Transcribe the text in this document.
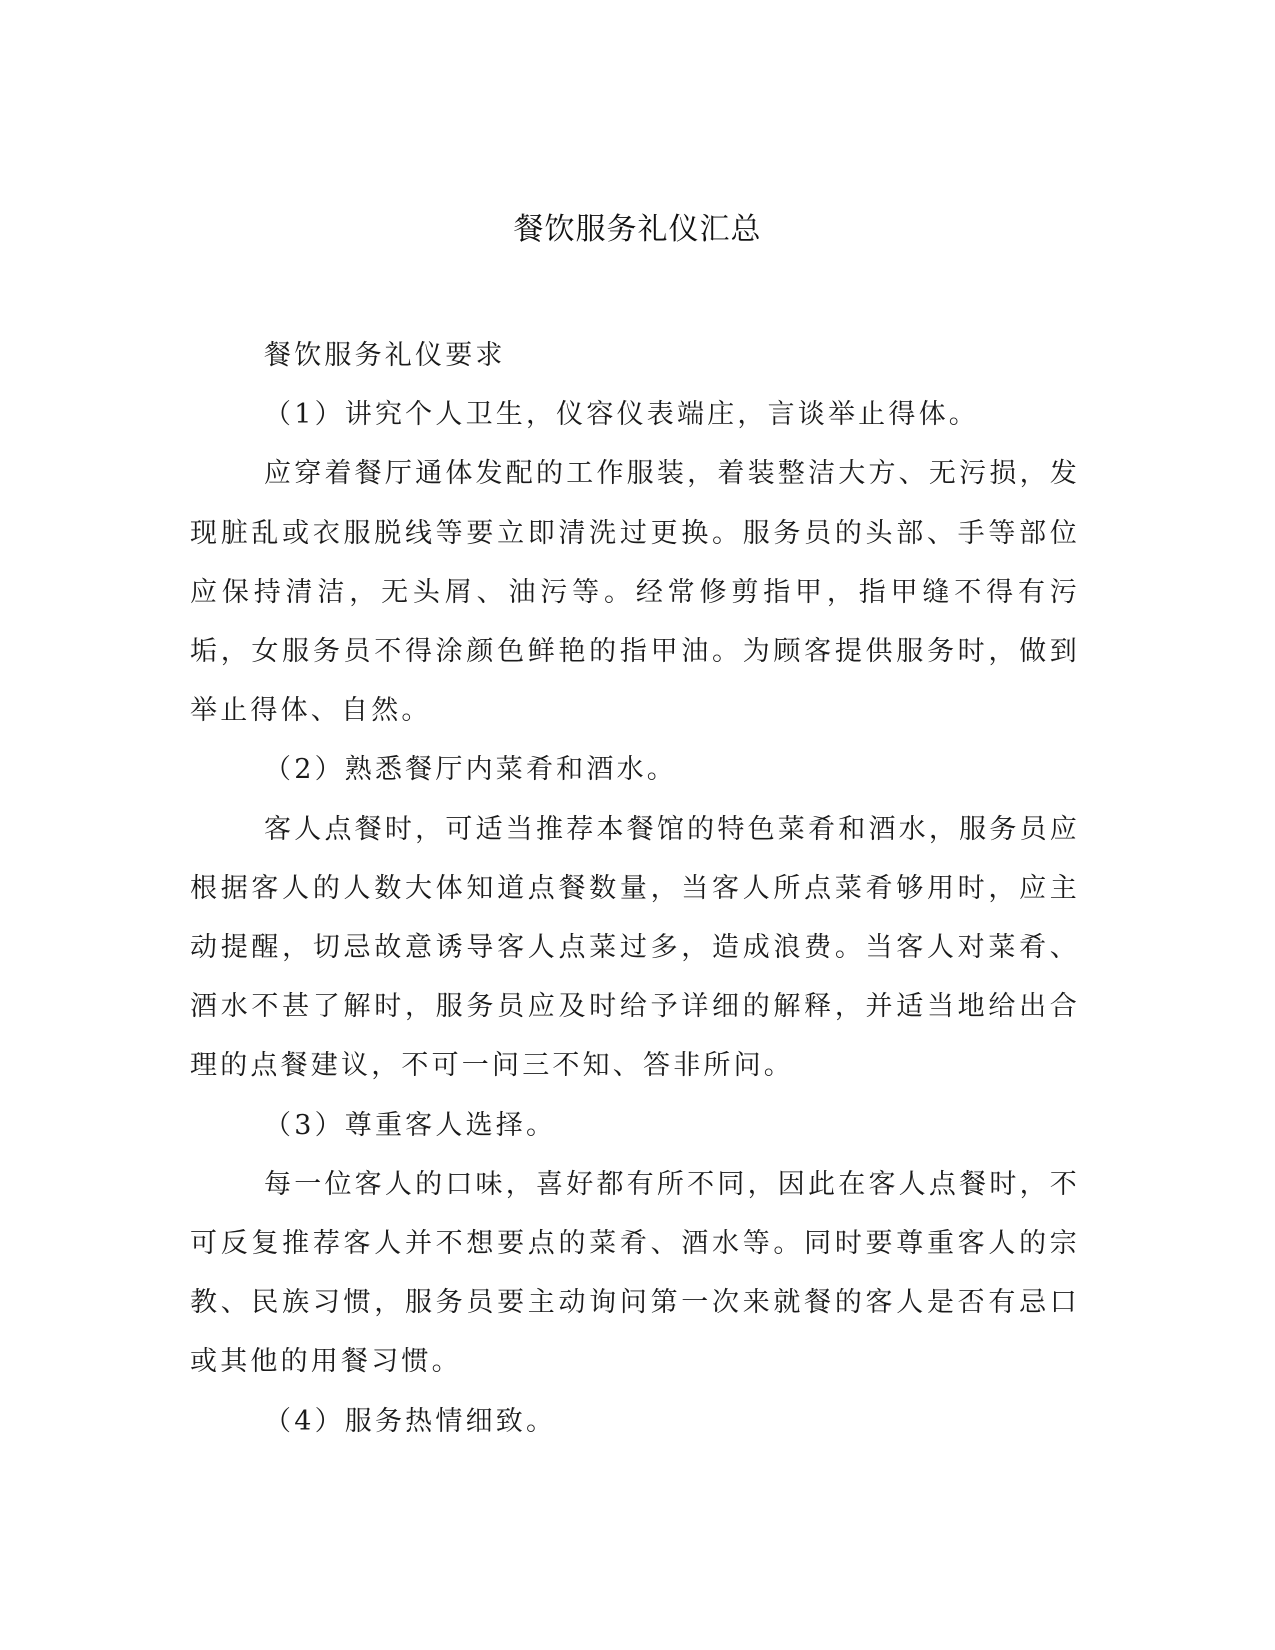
餐饮服务礼仪汇总

餐饮服务礼仪要求

（1）讲究个人卫生，仪容仪表端庄，言谈举止得体。

应穿着餐厅通体发配的工作服装，着装整洁大方、无污损，发现脏乱或衣服脱线等要立即清洗过更换。服务员的头部、手等部位应保持清洁，无头屑、油污等。经常修剪指甲，指甲缝不得有污垢，女服务员不得涂颜色鲜艳的指甲油。为顾客提供服务时，做到举止得体、自然。

（2）熟悉餐厅内菜肴和酒水。

客人点餐时，可适当推荐本餐馆的特色菜肴和酒水，服务员应根据客人的人数大体知道点餐数量，当客人所点菜肴够用时，应主动提醒，切忌故意诱导客人点菜过多，造成浪费。当客人对菜肴、酒水不甚了解时，服务员应及时给予详细的解释，并适当地给出合理的点餐建议，不可一问三不知、答非所问。

（3）尊重客人选择。

每一位客人的口味，喜好都有所不同，因此在客人点餐时，不可反复推荐客人并不想要点的菜肴、酒水等。同时要尊重客人的宗教、民族习惯，服务员要主动询问第一次来就餐的客人是否有忌口或其他的用餐习惯。

（4）服务热情细致。
